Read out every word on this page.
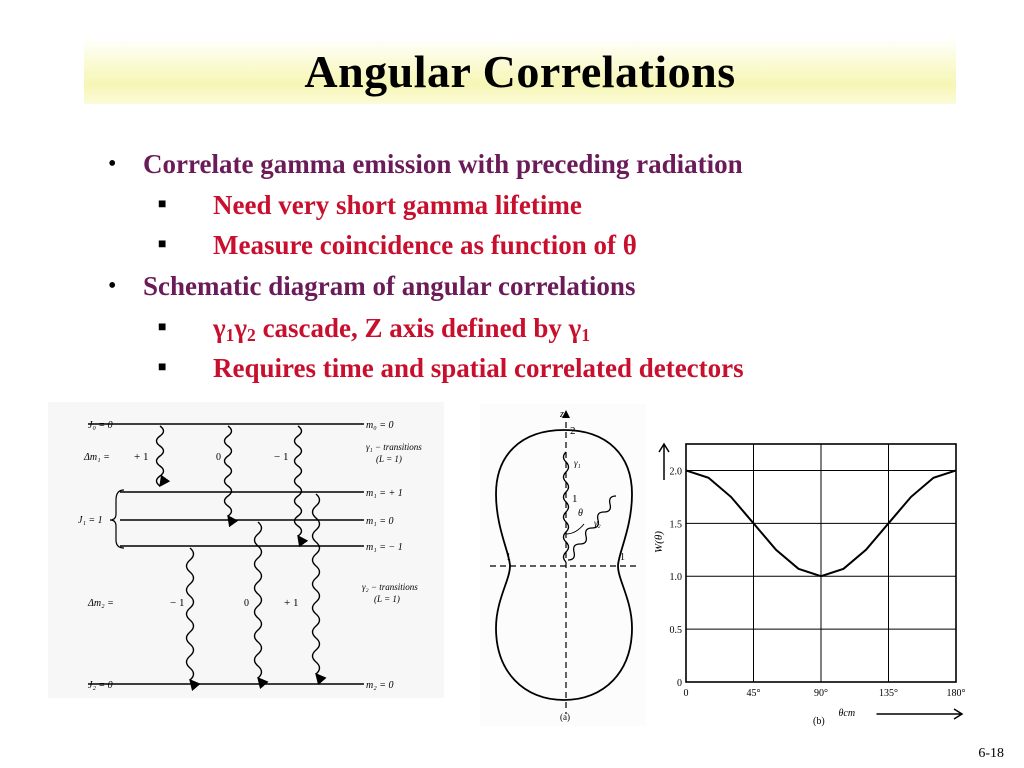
Angular Correlations
• Correlate gamma emission with preceding radiation
■ Need very short gamma lifetime
■ Measure coincidence as function of θ
• Schematic diagram of angular correlations
■ $\gamma_1\gamma_2$ cascade, Z axis defined by $\gamma_1$
■ Requires time and spatial correlated detectors
J₀ = 0
Δm₁ = + 1	0	− 1
J₁ = 1
Δm₂ =	− 1	0	+ 1
J₂ = 0
m₀ = 0
γ₁ − transitions
(L = 1)
m₁ = + 1
m₁ = 0
m₁ = − 1
γ₂ − transitions
(L = 1)
m₂ = 0
z
2
1
γ₁
γ₂
θ
1	1
(a)
0	45°	90°	135°	180°
0
0.5
1.0
1.5
2.0
W(θ)
θcm
(b)
6-18
